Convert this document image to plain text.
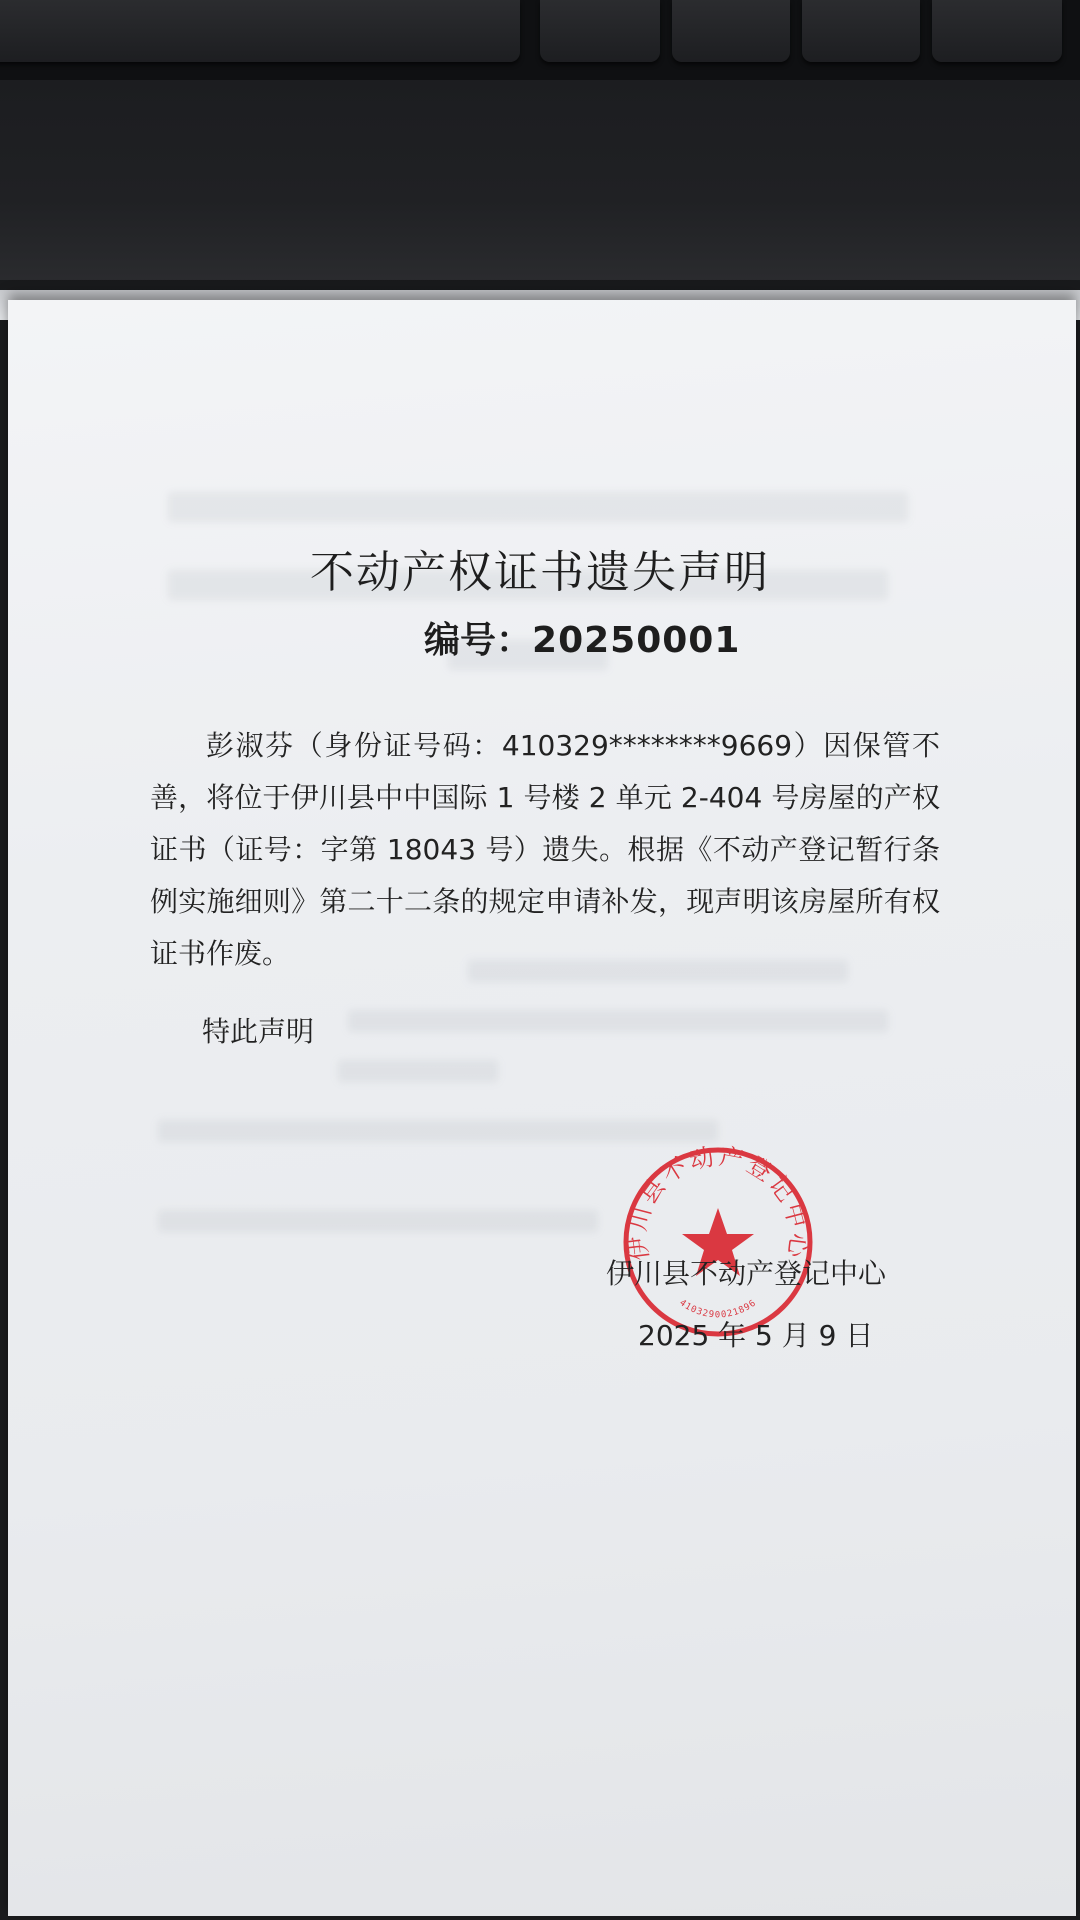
不动产权证书遗失声明
编号：20250001
彭淑芬（身份证号码：410329********9669）因保管不善，将位于伊川县中中国际 1 号楼 2 单元 2-404 号房屋的产权证书（证号：字第 18043 号）遗失。根据《不动产登记暂行条例实施细则》第二十二条的规定申请补发，现声明该房屋所有权证书作废。
特此声明
伊川县不动产登记中心
4103290021896
伊川县不动产登记中心
2025 年 5 月 9 日
